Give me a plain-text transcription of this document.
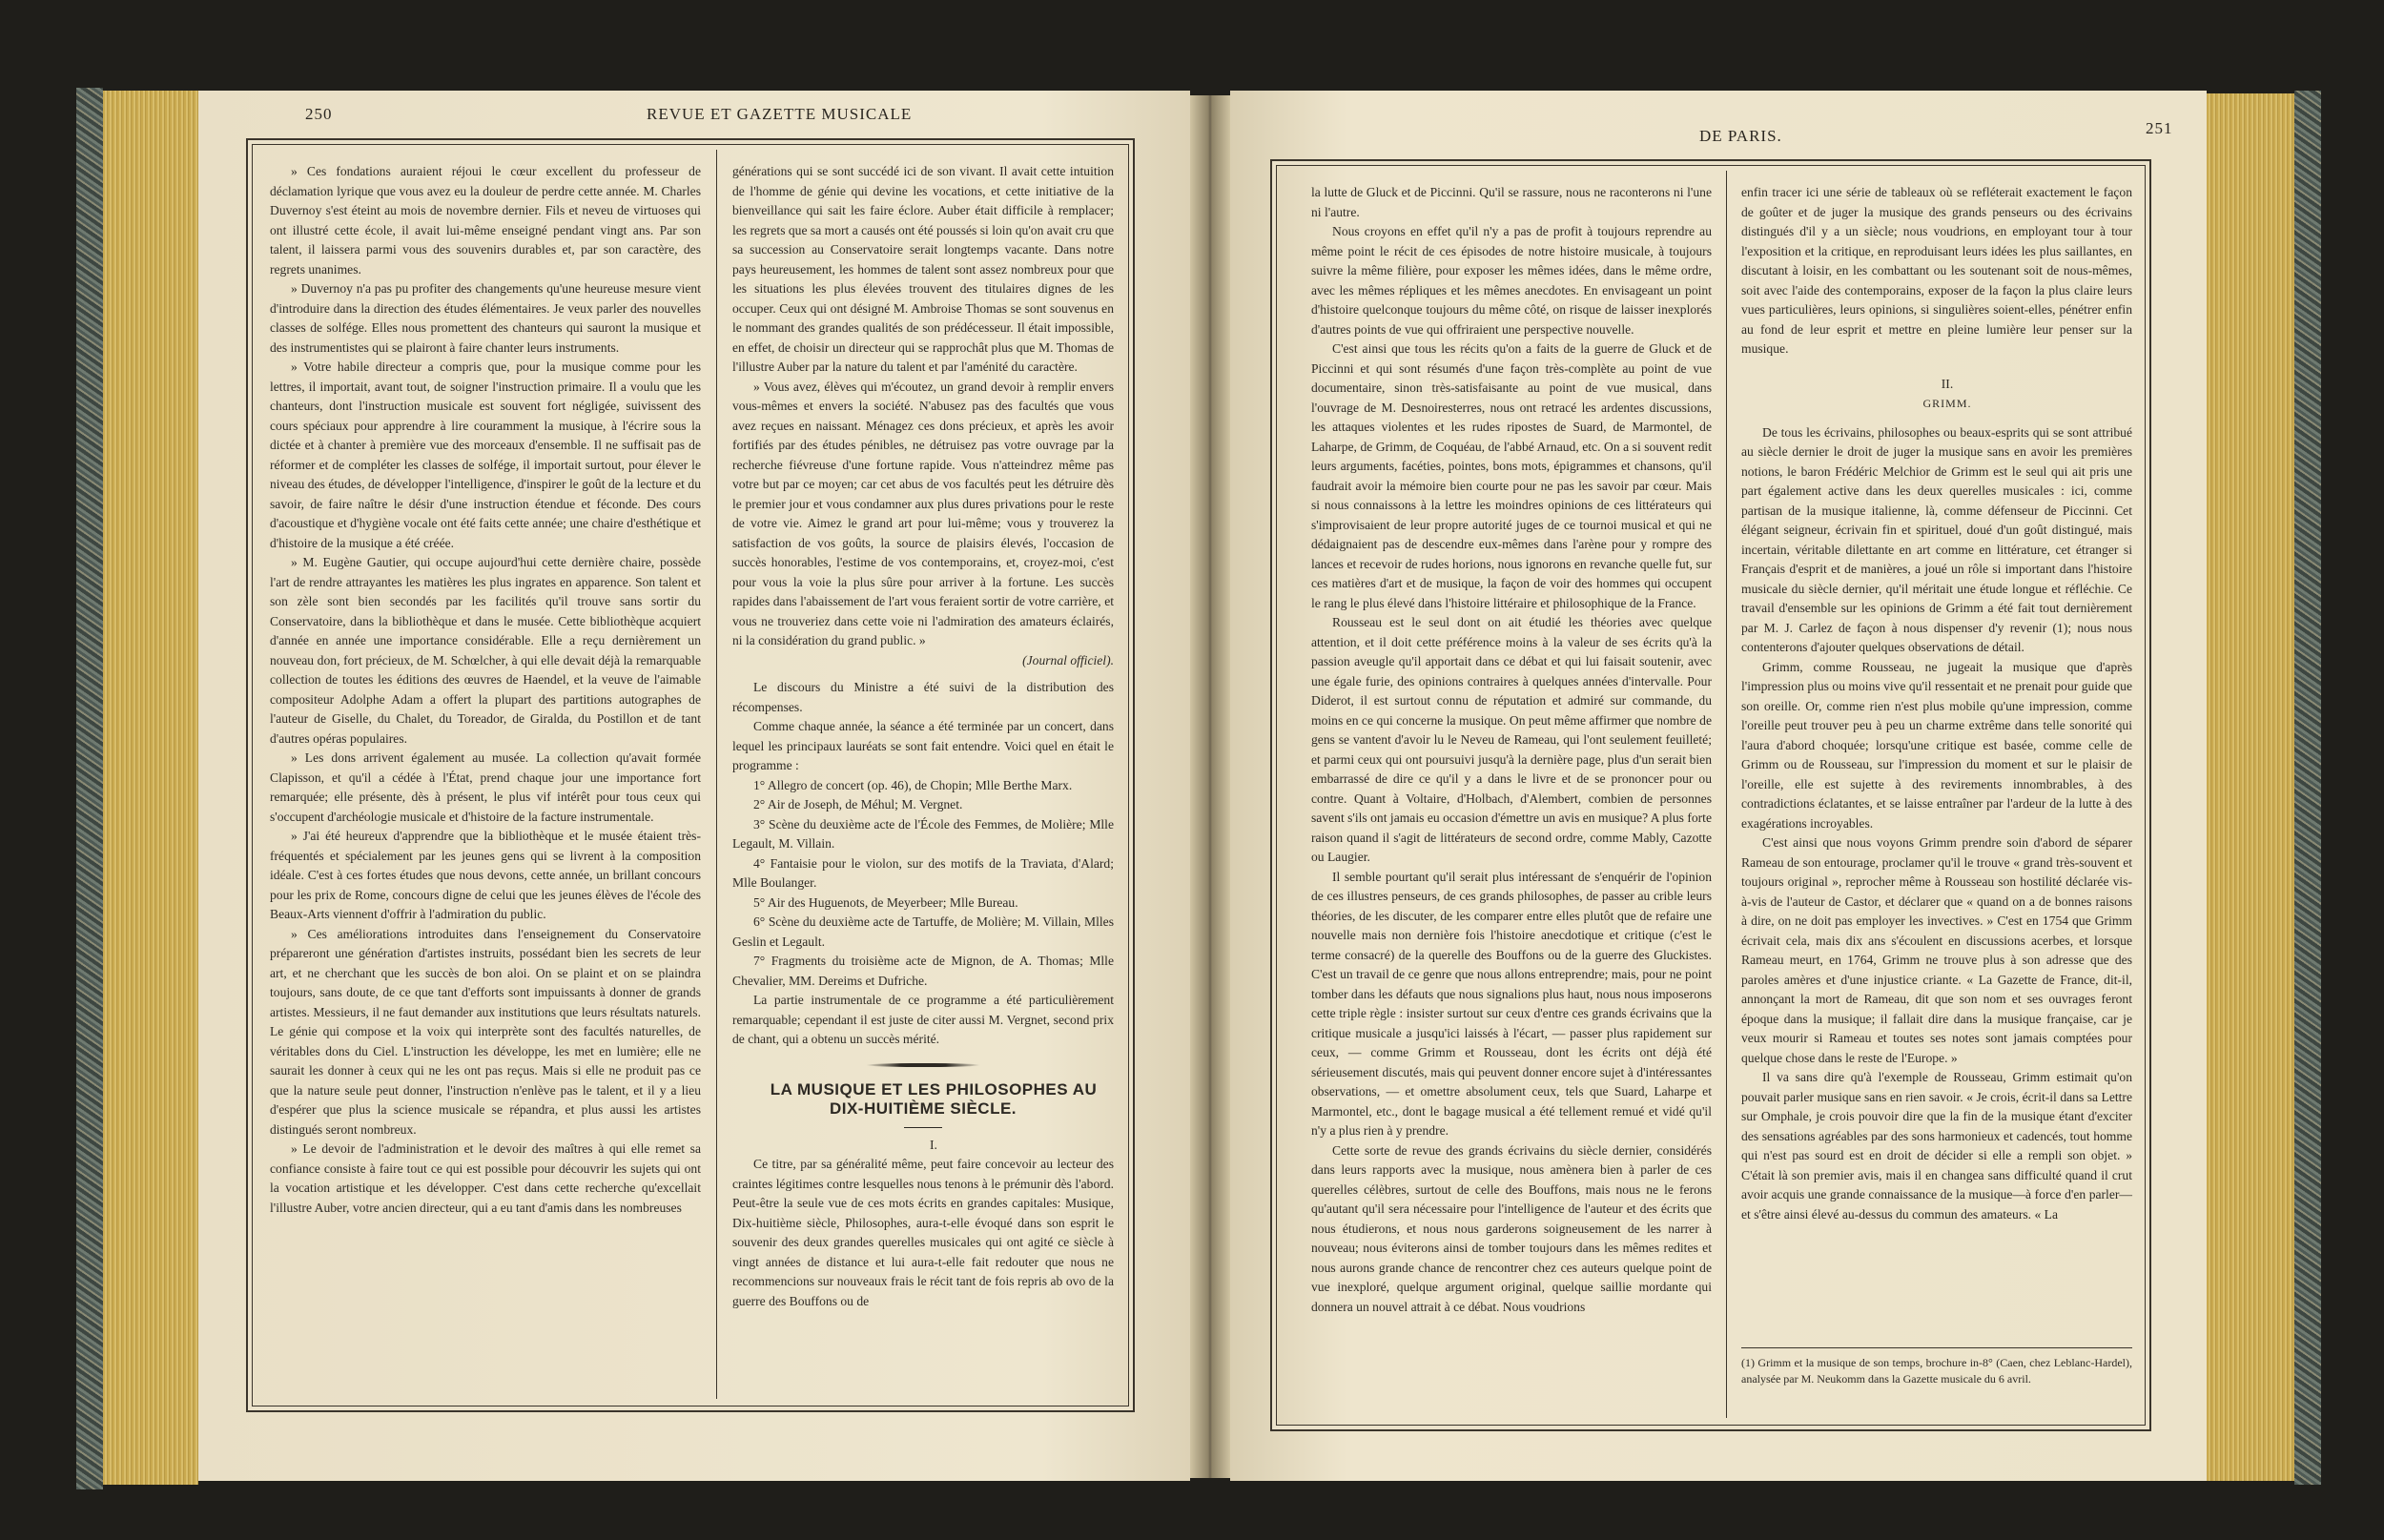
250	REVUE ET GAZETTE MUSICALE

» Ces fondations auraient réjoui le cœur excellent du professeur de déclamation lyrique que vous avez eu la douleur de perdre cette année. M. Charles Duvernoy s'est éteint au mois de novembre dernier. Fils et neveu de virtuoses qui ont illustré cette école, il avait lui-même enseigné pendant vingt ans. Par son talent, il laissera parmi vous des souvenirs durables et, par son caractère, des regrets unanimes.

» Duvernoy n'a pas pu profiter des changements qu'une heureuse mesure vient d'introduire dans la direction des études élémentaires. Je veux parler des nouvelles classes de solfége. Elles nous promettent des chanteurs qui sauront la musique et des instrumentistes qui se plairont à faire chanter leurs instruments.

» Votre habile directeur a compris que, pour la musique comme pour les lettres, il importait, avant tout, de soigner l'instruction primaire. Il a voulu que les chanteurs, dont l'instruction musicale est souvent fort négligée, suivissent des cours spéciaux pour apprendre à lire couramment la musique, à l'écrire sous la dictée et à chanter à première vue des morceaux d'ensemble. Il ne suffisait pas de réformer et de compléter les classes de solfége, il importait surtout, pour élever le niveau des études, de développer l'intelligence, d'inspirer le goût de la lecture et du savoir, de faire naître le désir d'une instruction étendue et féconde. Des cours d'acoustique et d'hygiène vocale ont été faits cette année; une chaire d'esthétique et d'histoire de la musique a été créée.

» M. Eugène Gautier, qui occupe aujourd'hui cette dernière chaire, possède l'art de rendre attrayantes les matières les plus ingrates en apparence. Son talent et son zèle sont bien secondés par les facilités qu'il trouve sans sortir du Conservatoire, dans la bibliothèque et dans le musée. Cette bibliothèque acquiert d'année en année une importance considérable. Elle a reçu dernièrement un nouveau don, fort précieux, de M. Schœlcher, à qui elle devait déjà la remarquable collection de toutes les éditions des œuvres de Haendel, et la veuve de l'aimable compositeur Adolphe Adam a offert la plupart des partitions autographes de l'auteur de Giselle, du Chalet, du Toreador, de Giralda, du Postillon et de tant d'autres opéras populaires.

» Les dons arrivent également au musée. La collection qu'avait formée Clapisson, et qu'il a cédée à l'État, prend chaque jour une importance fort remarquée; elle présente, dès à présent, le plus vif intérêt pour tous ceux qui s'occupent d'archéologie musicale et d'histoire de la facture instrumentale.

» J'ai été heureux d'apprendre que la bibliothèque et le musée étaient très-fréquentés et spécialement par les jeunes gens qui se livrent à la composition idéale. C'est à ces fortes études que nous devons, cette année, un brillant concours pour les prix de Rome, concours digne de celui que les jeunes élèves de l'école des Beaux-Arts viennent d'offrir à l'admiration du public.

» Ces améliorations introduites dans l'enseignement du Conservatoire prépareront une génération d'artistes instruits, possédant bien les secrets de leur art, et ne cherchant que les succès de bon aloi. On se plaint et on se plaindra toujours, sans doute, de ce que tant d'efforts sont impuissants à donner de grands artistes. Messieurs, il ne faut demander aux institutions que leurs résultats naturels. Le génie qui compose et la voix qui interprète sont des facultés naturelles, de véritables dons du Ciel. L'instruction les développe, les met en lumière; elle ne saurait les donner à ceux qui ne les ont pas reçus. Mais si elle ne produit pas ce que la nature seule peut donner, l'instruction n'enlève pas le talent, et il y a lieu d'espérer que plus la science musicale se répandra, et plus aussi les artistes distingués seront nombreux.

» Le devoir de l'administration et le devoir des maîtres à qui elle remet sa confiance consiste à faire tout ce qui est possible pour découvrir les sujets qui ont la vocation artistique et les développer. C'est dans cette recherche qu'excellait l'illustre Auber, votre ancien directeur, qui a eu tant d'amis dans les nombreuses

générations qui se sont succédé ici de son vivant. Il avait cette intuition de l'homme de génie qui devine les vocations, et cette initiative de la bienveillance qui sait les faire éclore. Auber était difficile à remplacer; les regrets que sa mort a causés ont été poussés si loin qu'on avait cru que sa succession au Conservatoire serait longtemps vacante. Dans notre pays heureusement, les hommes de talent sont assez nombreux pour que les situations les plus élevées trouvent des titulaires dignes de les occuper. Ceux qui ont désigné M. Ambroise Thomas se sont souvenus en le nommant des grandes qualités de son prédécesseur. Il était impossible, en effet, de choisir un directeur qui se rapprochât plus que M. Thomas de l'illustre Auber par la nature du talent et par l'aménité du caractère.

» Vous avez, élèves qui m'écoutez, un grand devoir à remplir envers vous-mêmes et envers la société. N'abusez pas des facultés que vous avez reçues en naissant. Ménagez ces dons précieux, et après les avoir fortifiés par des études pénibles, ne détruisez pas votre ouvrage par la recherche fiévreuse d'une fortune rapide. Vous n'atteindrez même pas votre but par ce moyen; car cet abus de vos facultés peut les détruire dès le premier jour et vous condamner aux plus dures privations pour le reste de votre vie. Aimez le grand art pour lui-même; vous y trouverez la satisfaction de vos goûts, la source de plaisirs élevés, l'occasion de succès honorables, l'estime de vos contemporains, et, croyez-moi, c'est pour vous la voie la plus sûre pour arriver à la fortune. Les succès rapides dans l'abaissement de l'art vous feraient sortir de votre carrière, et vous ne trouveriez dans cette voie ni l'admiration des amateurs éclairés, ni la considération du grand public. »

(Journal officiel).

Le discours du Ministre a été suivi de la distribution des récompenses.

Comme chaque année, la séance a été terminée par un concert, dans lequel les principaux lauréats se sont fait entendre. Voici quel en était le programme :

1° Allegro de concert (op. 46), de Chopin; Mlle Berthe Marx.

2° Air de Joseph, de Méhul; M. Vergnet.

3° Scène du deuxième acte de l'École des Femmes, de Molière; Mlle Legault, M. Villain.

4° Fantaisie pour le violon, sur des motifs de la Traviata, d'Alard; Mlle Boulanger.

5° Air des Huguenots, de Meyerbeer; Mlle Bureau.

6° Scène du deuxième acte de Tartuffe, de Molière; M. Villain, Mlles Geslin et Legault.

7° Fragments du troisième acte de Mignon, de A. Thomas; Mlle Chevalier, MM. Dereims et Dufriche.

La partie instrumentale de ce programme a été particulièrement remarquable; cependant il est juste de citer aussi M. Vergnet, second prix de chant, qui a obtenu un succès mérité.

LA MUSIQUE ET LES PHILOSOPHES AU DIX-HUITIÈME SIÈCLE.

I.

Ce titre, par sa généralité même, peut faire concevoir au lecteur des craintes légitimes contre lesquelles nous tenons à le prémunir dès l'abord. Peut-être la seule vue de ces mots écrits en grandes capitales: Musique, Dix-huitième siècle, Philosophes, aura-t-elle évoqué dans son esprit le souvenir des deux grandes querelles musicales qui ont agité ce siècle à vingt années de distance et lui aura-t-elle fait redouter que nous ne recommencions sur nouveaux frais le récit tant de fois repris ab ovo de la guerre des Bouffons ou de

DE PARIS.	251

la lutte de Gluck et de Piccinni. Qu'il se rassure, nous ne raconterons ni l'une ni l'autre.

Nous croyons en effet qu'il n'y a pas de profit à toujours reprendre au même point le récit de ces épisodes de notre histoire musicale, à toujours suivre la même filière, pour exposer les mêmes idées, dans le même ordre, avec les mêmes répliques et les mêmes anecdotes. En envisageant un point d'histoire quelconque toujours du même côté, on risque de laisser inexplorés d'autres points de vue qui offriraient une perspective nouvelle.

C'est ainsi que tous les récits qu'on a faits de la guerre de Gluck et de Piccinni et qui sont résumés d'une façon très-complète au point de vue documentaire, sinon très-satisfaisante au point de vue musical, dans l'ouvrage de M. Desnoiresterres, nous ont retracé les ardentes discussions, les attaques violentes et les rudes ripostes de Suard, de Marmontel, de Laharpe, de Grimm, de Coquéau, de l'abbé Arnaud, etc. On a si souvent redit leurs arguments, facéties, pointes, bons mots, épigrammes et chansons, qu'il faudrait avoir la mémoire bien courte pour ne pas les savoir par cœur. Mais si nous connaissons à la lettre les moindres opinions de ces littérateurs qui s'improvisaient de leur propre autorité juges de ce tournoi musical et qui ne dédaignaient pas de descendre eux-mêmes dans l'arène pour y rompre des lances et recevoir de rudes horions, nous ignorons en revanche quelle fut, sur ces matières d'art et de musique, la façon de voir des hommes qui occupent le rang le plus élevé dans l'histoire littéraire et philosophique de la France.

Rousseau est le seul dont on ait étudié les théories avec quelque attention, et il doit cette préférence moins à la valeur de ses écrits qu'à la passion aveugle qu'il apportait dans ce débat et qui lui faisait soutenir, avec une égale furie, des opinions contraires à quelques années d'intervalle. Pour Diderot, il est surtout connu de réputation et admiré sur commande, du moins en ce qui concerne la musique. On peut même affirmer que nombre de gens se vantent d'avoir lu le Neveu de Rameau, qui l'ont seulement feuilleté; et parmi ceux qui ont poursuivi jusqu'à la dernière page, plus d'un serait bien embarrassé de dire ce qu'il y a dans le livre et de se prononcer pour ou contre. Quant à Voltaire, d'Holbach, d'Alembert, combien de personnes savent s'ils ont jamais eu occasion d'émettre un avis en musique? A plus forte raison quand il s'agit de littérateurs de second ordre, comme Mably, Cazotte ou Laugier.

Il semble pourtant qu'il serait plus intéressant de s'enquérir de l'opinion de ces illustres penseurs, de ces grands philosophes, de passer au crible leurs théories, de les discuter, de les comparer entre elles plutôt que de refaire une nouvelle mais non dernière fois l'histoire anecdotique et critique (c'est le terme consacré) de la querelle des Bouffons ou de la guerre des Gluckistes. C'est un travail de ce genre que nous allons entreprendre; mais, pour ne point tomber dans les défauts que nous signalions plus haut, nous nous imposerons cette triple règle : insister surtout sur ceux d'entre ces grands écrivains que la critique musicale a jusqu'ici laissés à l'écart, — passer plus rapidement sur ceux, — comme Grimm et Rousseau, dont les écrits ont déjà été sérieusement discutés, mais qui peuvent donner encore sujet à d'intéressantes observations, — et omettre absolument ceux, tels que Suard, Laharpe et Marmontel, etc., dont le bagage musical a été tellement remué et vidé qu'il n'y a plus rien à y prendre.

Cette sorte de revue des grands écrivains du siècle dernier, considérés dans leurs rapports avec la musique, nous amènera bien à parler de ces querelles célèbres, surtout de celle des Bouffons, mais nous ne le ferons qu'autant qu'il sera nécessaire pour l'intelligence de l'auteur et des écrits que nous étudierons, et nous nous garderons soigneusement de les narrer à nouveau; nous éviterons ainsi de tomber toujours dans les mêmes redites et nous aurons grande chance de rencontrer chez ces auteurs quelque point de vue inexploré, quelque argument original, quelque saillie mordante qui donnera un nouvel attrait à ce débat. Nous voudrions

enfin tracer ici une série de tableaux où se refléterait exactement le façon de goûter et de juger la musique des grands penseurs ou des écrivains distingués d'il y a un siècle; nous voudrions, en employant tour à tour l'exposition et la critique, en reproduisant leurs idées les plus saillantes, en discutant à loisir, en les combattant ou les soutenant soit de nous-mêmes, soit avec l'aide des contemporains, exposer de la façon la plus claire leurs vues particulières, leurs opinions, si singulières soient-elles, pénétrer enfin au fond de leur esprit et mettre en pleine lumière leur penser sur la musique.

II.

GRIMM.

De tous les écrivains, philosophes ou beaux-esprits qui se sont attribué au siècle dernier le droit de juger la musique sans en avoir les premières notions, le baron Frédéric Melchior de Grimm est le seul qui ait pris une part également active dans les deux querelles musicales : ici, comme partisan de la musique italienne, là, comme défenseur de Piccinni. Cet élégant seigneur, écrivain fin et spirituel, doué d'un goût distingué, mais incertain, véritable dilettante en art comme en littérature, cet étranger si Français d'esprit et de manières, a joué un rôle si important dans l'histoire musicale du siècle dernier, qu'il méritait une étude longue et réfléchie. Ce travail d'ensemble sur les opinions de Grimm a été fait tout dernièrement par M. J. Carlez de façon à nous dispenser d'y revenir (1); nous nous contenterons d'ajouter quelques observations de détail.

Grimm, comme Rousseau, ne jugeait la musique que d'après l'impression plus ou moins vive qu'il ressentait et ne prenait pour guide que son oreille. Or, comme rien n'est plus mobile qu'une impression, comme l'oreille peut trouver peu à peu un charme extrême dans telle sonorité qui l'aura d'abord choquée; lorsqu'une critique est basée, comme celle de Grimm ou de Rousseau, sur l'impression du moment et sur le plaisir de l'oreille, elle est sujette à des revirements innombrables, à des contradictions éclatantes, et se laisse entraîner par l'ardeur de la lutte à des exagérations incroyables.

C'est ainsi que nous voyons Grimm prendre soin d'abord de séparer Rameau de son entourage, proclamer qu'il le trouve « grand très-souvent et toujours original », reprocher même à Rousseau son hostilité déclarée vis-à-vis de l'auteur de Castor, et déclarer que « quand on a de bonnes raisons à dire, on ne doit pas employer les invectives. » C'est en 1754 que Grimm écrivait cela, mais dix ans s'écoulent en discussions acerbes, et lorsque Rameau meurt, en 1764, Grimm ne trouve plus à son adresse que des paroles amères et d'une injustice criante. « La Gazette de France, dit-il, annonçant la mort de Rameau, dit que son nom et ses ouvrages feront époque dans la musique; il fallait dire dans la musique française, car je veux mourir si Rameau et toutes ses notes sont jamais comptées pour quelque chose dans le reste de l'Europe. »

Il va sans dire qu'à l'exemple de Rousseau, Grimm estimait qu'on pouvait parler musique sans en rien savoir. « Je crois, écrit-il dans sa Lettre sur Omphale, je crois pouvoir dire que la fin de la musique étant d'exciter des sensations agréables par des sons harmonieux et cadencés, tout homme qui n'est pas sourd est en droit de décider si elle a rempli son objet. » C'était là son premier avis, mais il en changea sans difficulté quand il crut avoir acquis une grande connaissance de la musique—à force d'en parler—et s'être ainsi élevé au-dessus du commun des amateurs. « La

(1) Grimm et la musique de son temps, brochure in-8° (Caen, chez Leblanc-Hardel), analysée par M. Neukomm dans la Gazette musicale du 6 avril.
